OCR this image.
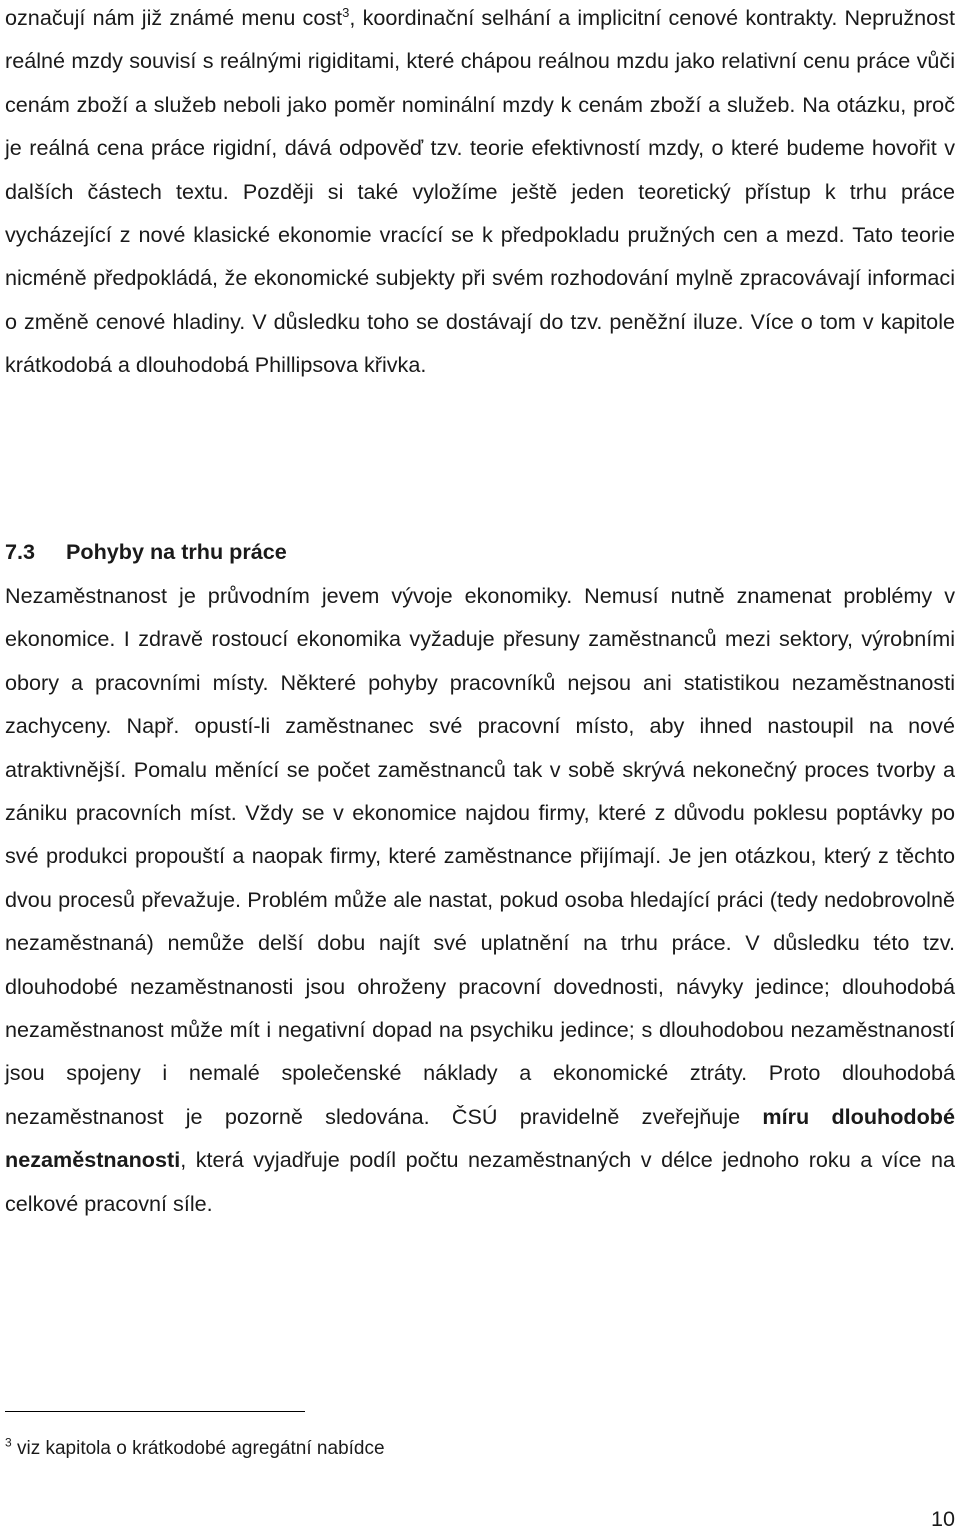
označují nám již známé menu cost$^3$, koordinační selhání a implicitní cenové kontrakty. Nepružnost reálné mzdy souvisí s reálnými rigiditami, které chápou reálnou mzdu jako relativní cenu práce vůči cenám zboží a služeb neboli jako poměr nominální mzdy k cenám zboží a služeb. Na otázku, proč je reálná cena práce rigidní, dává odpověď tzv. teorie efektivností mzdy, o které budeme hovořit v dalších částech textu. Později si také vyložíme ještě jeden teoretický přístup k trhu práce vycházející z nové klasické ekonomie vracící se k předpokladu pružných cen a mezd. Tato teorie nicméně předpokládá, že ekonomické subjekty při svém rozhodování mylně zpracovávají informaci o změně cenové hladiny. V důsledku toho se dostávají do tzv. peněžní iluze. Více o tom v kapitole krátkodobá a dlouhodobá Phillipsova křivka.

7.3 Pohyby na trhu práce

Nezaměstnanost je průvodním jevem vývoje ekonomiky. Nemusí nutně znamenat problémy v ekonomice. I zdravě rostoucí ekonomika vyžaduje přesuny zaměstnanců mezi sektory, výrobními obory a pracovními místy. Některé pohyby pracovníků nejsou ani statistikou nezaměstnanosti zachyceny. Např. opustí-li zaměstnanec své pracovní místo, aby ihned nastoupil na nové atraktivnější. Pomalu měnící se počet zaměstnanců tak v sobě skrývá nekonečný proces tvorby a zániku pracovních míst. Vždy se v ekonomice najdou firmy, které z důvodu poklesu poptávky po své produkci propouští a naopak firmy, které zaměstnance přijímají. Je jen otázkou, který z těchto dvou procesů převažuje. Problém může ale nastat, pokud osoba hledající práci (tedy nedobrovolně nezaměstnaná) nemůže delší dobu najít své uplatnění na trhu práce. V důsledku této tzv. dlouhodobé nezaměstnanosti jsou ohroženy pracovní dovednosti, návyky jedince; dlouhodobá nezaměstnanost může mít i negativní dopad na psychiku jedince; s dlouhodobou nezaměstnaností jsou spojeny i nemalé společenské náklady a ekonomické ztráty. Proto dlouhodobá nezaměstnanost je pozorně sledována. ČSÚ pravidelně zveřejňuje míru dlouhodobé nezaměstnanosti, která vyjadřuje podíl počtu nezaměstnaných v délce jednoho roku a více na celkové pracovní síle.

$^3$ viz kapitola o krátkodobé agregátní nabídce
10
